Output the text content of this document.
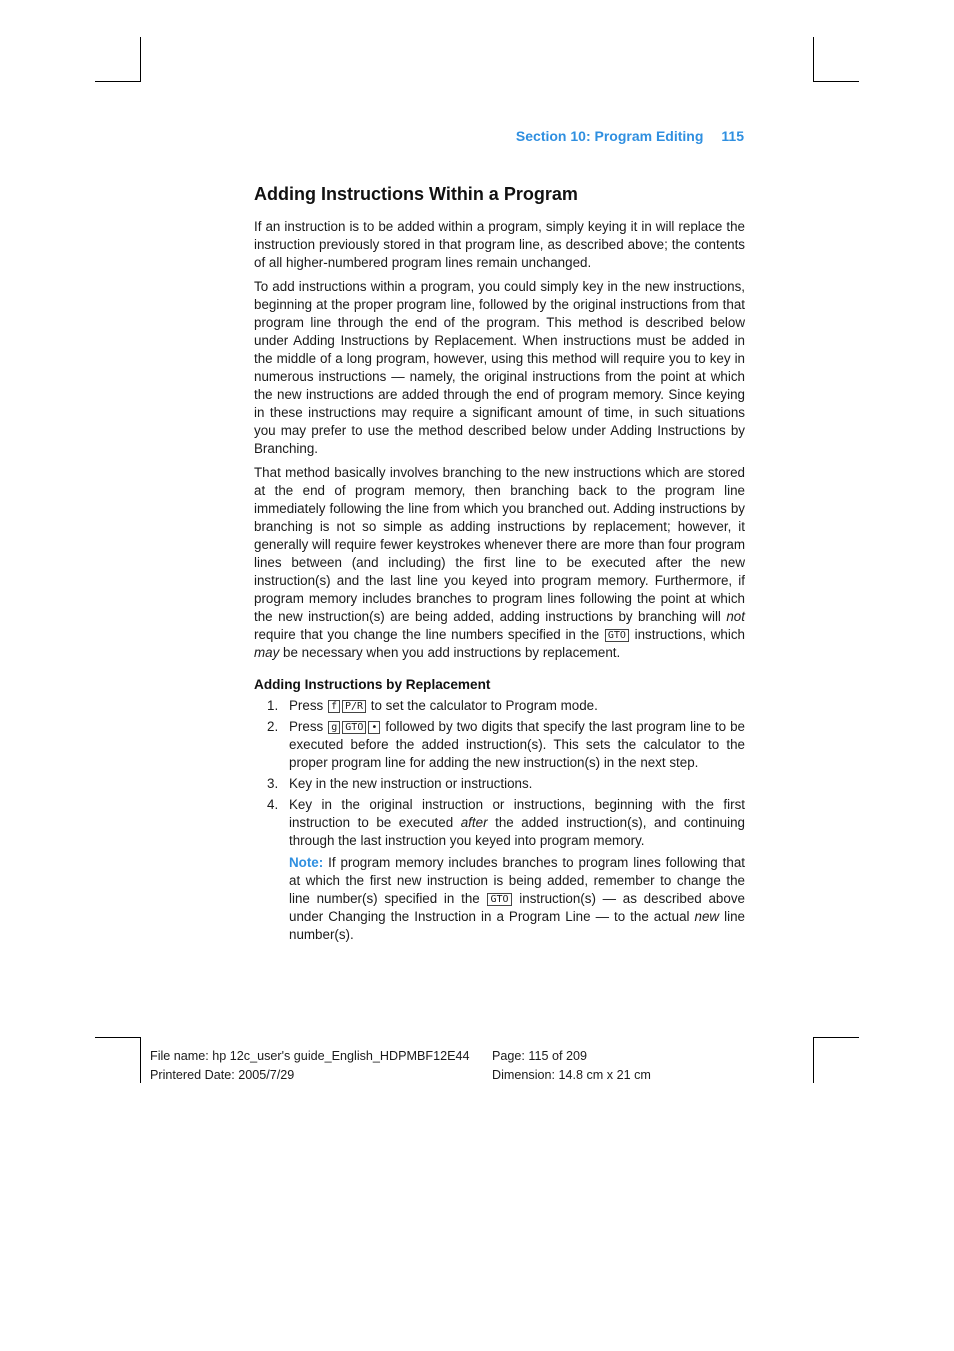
Section 10: Program Editing 115
Adding Instructions Within a Program

If an instruction is to be added within a program, simply keying it in will replace the instruction previously stored in that program line, as described above; the contents of all higher-numbered program lines remain unchanged.

To add instructions within a program, you could simply key in the new instructions, beginning at the proper program line, followed by the original instructions from that program line through the end of the program. This method is described below under Adding Instructions by Replacement. When instructions must be added in the middle of a long program, however, using this method will require you to key in numerous instructions — namely, the original instructions from the point at which the new instructions are added through the end of program memory. Since keying in these instructions may require a significant amount of time, in such situations you may prefer to use the method described below under Adding Instructions by Branching.

That method basically involves branching to the new instructions which are stored at the end of program memory, then branching back to the program line immediately following the line from which you branched out. Adding instructions by branching is not so simple as adding instructions by replacement; however, it generally will require fewer keystrokes whenever there are more than four program lines between (and including) the first line to be executed after the new instruction(s) and the last line you keyed into program memory. Furthermore, if program memory includes branches to program lines following the point at which the new instruction(s) are being added, adding instructions by branching will not require that you change the line numbers specified in the GTO instructions, which may be necessary when you add instructions by replacement.

Adding Instructions by Replacement
1. Press f P/R to set the calculator to Program mode.
2. Press g GTO • followed by two digits that specify the last program line to be executed before the added instruction(s). This sets the calculator to the proper program line for adding the new instruction(s) in the next step.
3. Key in the new instruction or instructions.
4. Key in the original instruction or instructions, beginning with the first instruction to be executed after the added instruction(s), and continuing through the last instruction you keyed into program memory.
Note: If program memory includes branches to program lines following that at which the first new instruction is being added, remember to change the line number(s) specified in the GTO instruction(s) — as described above under Changing the Instruction in a Program Line — to the actual new line number(s).
File name: hp 12c_user's guide_English_HDPMBF12E44
Printered Date: 2005/7/29
Page: 115 of 209
Dimension: 14.8 cm x 21 cm
